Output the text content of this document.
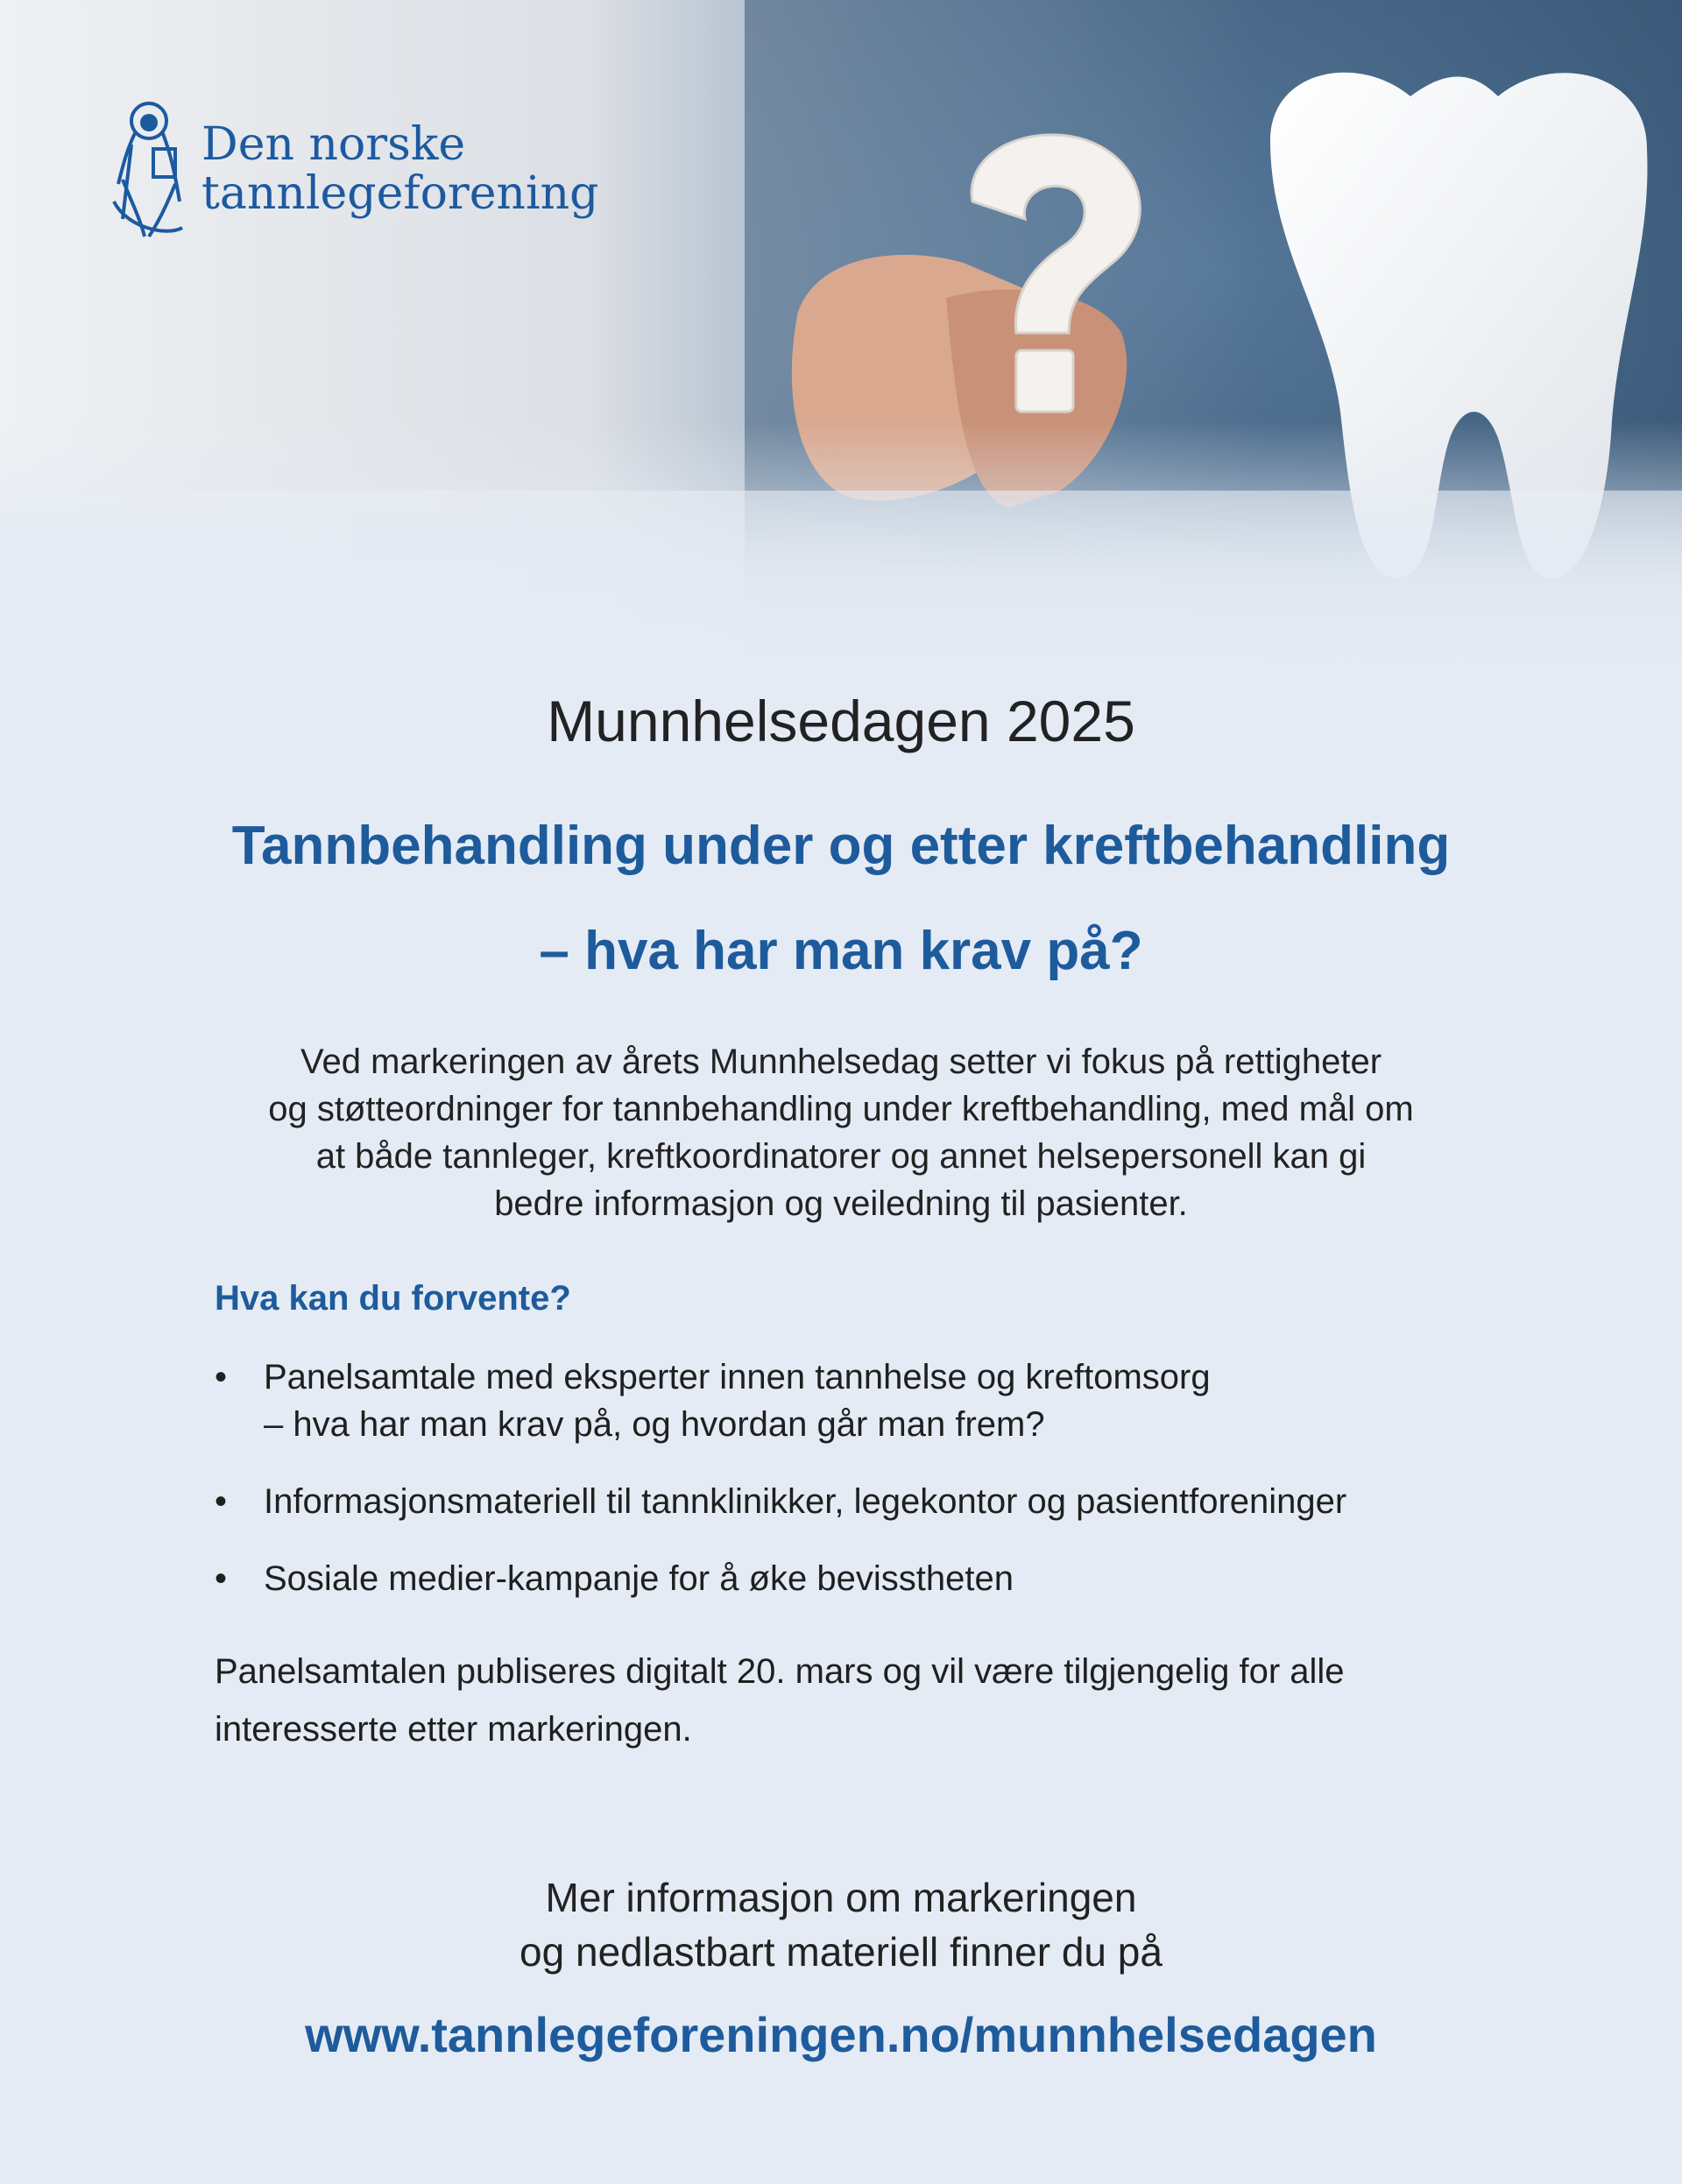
Den norske
tannlegeforening
Munnhelsedagen 2025
Tannbehandling under og etter kreftbehandling
– hva har man krav på?
Ved markeringen av årets Munnhelsedag setter vi fokus på rettigheter
og støtteordninger for tannbehandling under kreftbehandling, med mål om
at både tannleger, kreftkoordinatorer og annet helsepersonell kan gi
bedre informasjon og veiledning til pasienter.
Hva kan du forvente?
• Panelsamtale med eksperter innen tannhelse og kreftomsorg
– hva har man krav på, og hvordan går man frem?
• Informasjonsmateriell til tannklinikker, legekontor og pasientforeninger
• Sosiale medier-kampanje for å øke bevisstheten
Panelsamtalen publiseres digitalt 20. mars og vil være tilgjengelig for alle
interesserte etter markeringen.
Mer informasjon om markeringen
og nedlastbart materiell finner du på
www.tannlegeforeningen.no/munnhelsedagen
